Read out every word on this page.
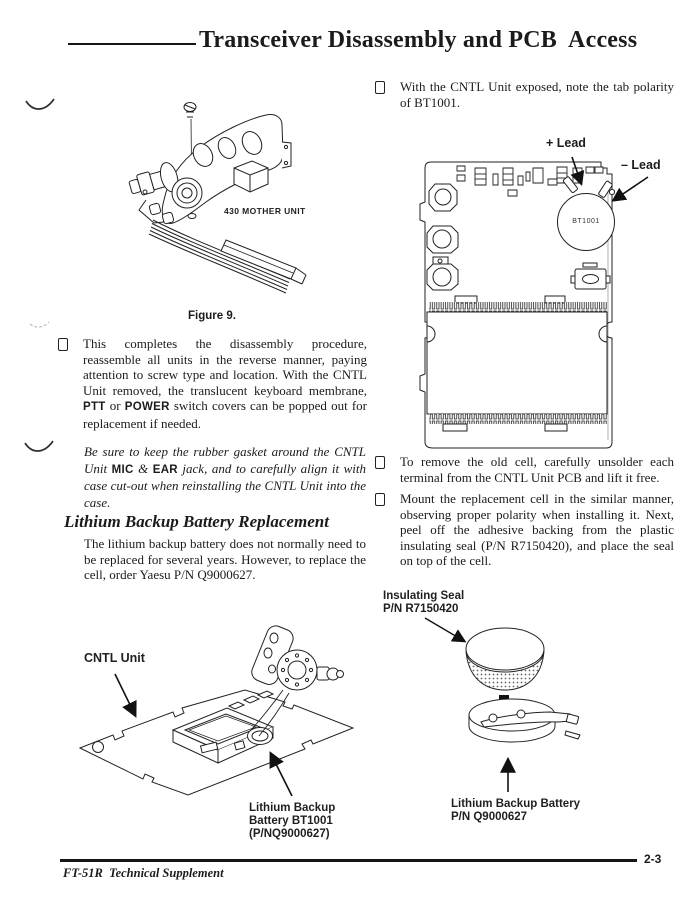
Transceiver Disassembly and PCB  Access
With the CNTL Unit exposed, note the tab polarity of BT1001.
+ Lead
– Lead
BT1001
To remove the old cell, carefully unsolder each terminal from the CNTL Unit PCB and lift it free.
Mount the replacement cell in the similar manner, observing proper polarity when installing it. Next, peel off the adhesive backing from the plastic insulating seal (P/N R7150420), and place the seal on top of the cell.
430 MOTHER UNIT
Figure 9.
This completes the disassembly procedure, reassemble all units in the reverse manner, paying attention to screw type and location. With the CNTL Unit removed, the translucent keyboard membrane, PTT or POWER switch covers can be popped out for replacement if needed.
Be sure to keep the rubber gasket around the CNTL Unit MIC & EAR jack, and to carefully align it with case cut-out when reinstalling the CNTL Unit into the case.
Lithium Backup Battery Replacement
The lithium backup battery does not normally need to be replaced for several years. However, to replace the cell, order Yaesu P/N Q9000627.
CNTL Unit
Lithium Backup
Battery BT1001
(P/NQ9000627)
Insulating Seal
P/N R7150420
Lithium Backup Battery
P/N Q9000627
2-3
FT-51R  Technical Supplement
